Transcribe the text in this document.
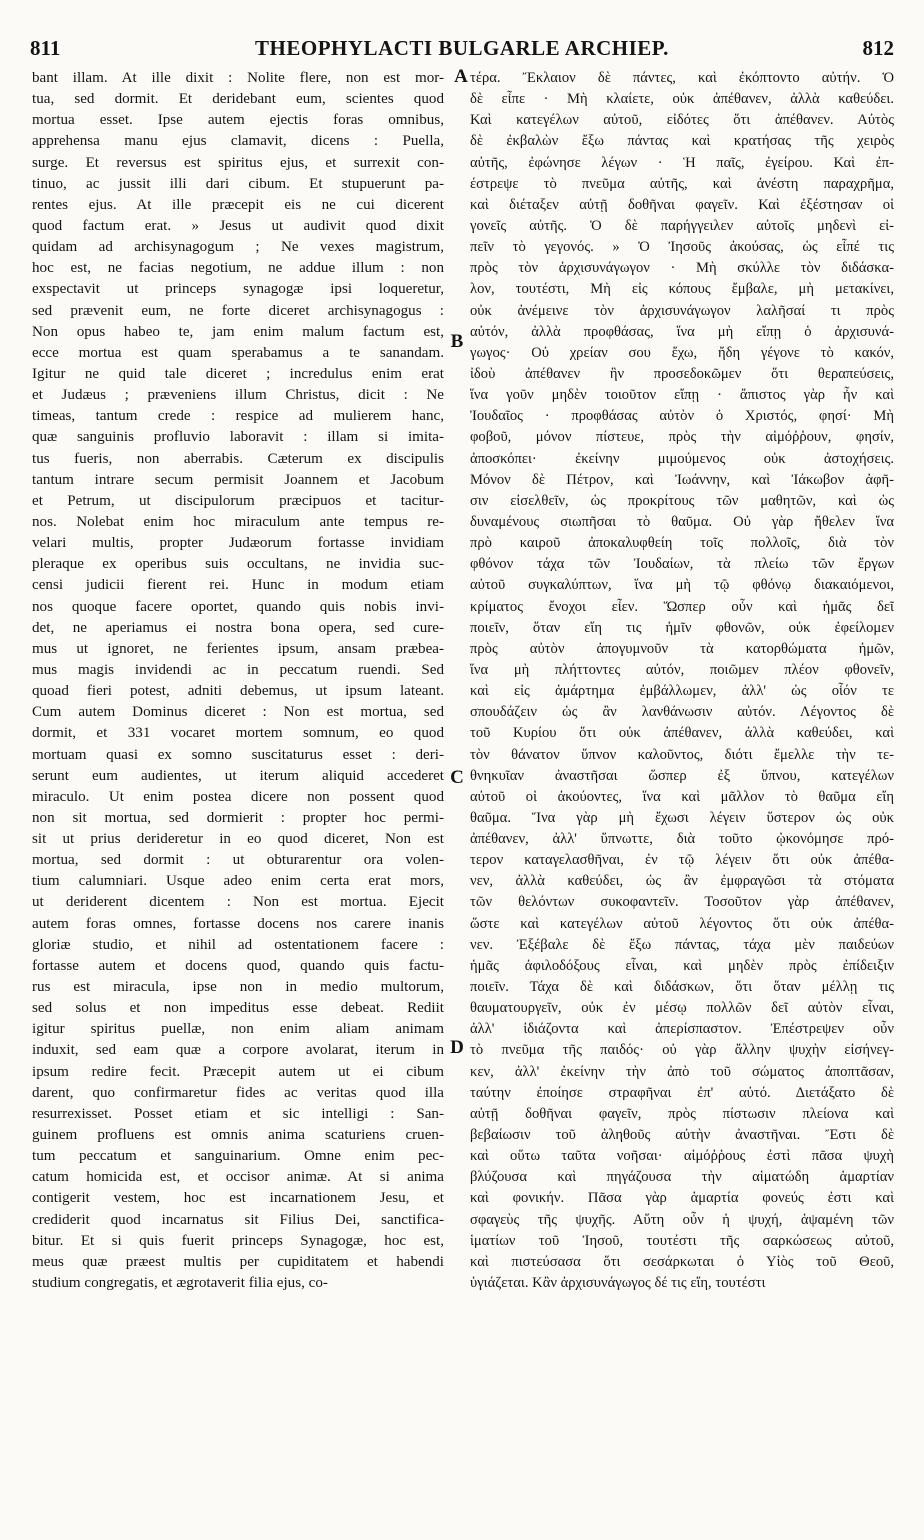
811	THEOPHYLACTI BULGARLE ARCHIEP.	812
bant illam. At ille dixit : Nolite flere, non est mor-
tua, sed dormit. Et deridebant eum, scientes quod
mortua esset. Ipse autem ejectis foras omnibus,
apprehensa manu ejus clamavit, dicens : Puella,
surge. Et reversus est spiritus ejus, et surrexit con-
tinuo, ac jussit illi dari cibum. Et stupuerunt pa-
rentes ejus. At ille præcepit eis ne cui dicerent
quod factum erat. » Jesus ut audivit quod dixit
quidam ad archisynagogum ; Ne vexes magistrum,
hoc est, ne facias negotium, ne addue illum : non
exspectavit ut princeps synagogæ ipsi loqueretur,
sed prævenit eum, ne forte diceret archisynagogus :
Non opus habeo te, jam enim malum factum est,
ecce mortua est quam sperabamus a te sanandam.
Igitur ne quid tale diceret ; incredulus enim erat
et Judæus ; præveniens illum Christus, dicit : Ne
timeas, tantum crede : respice ad mulierem hanc,
quæ sanguinis profluvio laboravit : illam si imita-
tus fueris, non aberrabis. Cæterum ex discipulis
tantum intrare secum permisit Joannem et Jacobum
et Petrum, ut discipulorum præcipuos et tacitur-
nos. Nolebat enim hoc miraculum ante tempus re-
velari multis, propter Judæorum fortasse invidiam
pleraque ex operibus suis occultans, ne invidia suc-
censi judicii fierent rei. Hunc in modum etiam
nos quoque facere oportet, quando quis nobis invi-
det, ne aperiamus ei nostra bona opera, sed cure-
mus ut ignoret, ne ferientes ipsum, ansam præbea-
mus magis invidendi ac in peccatum ruendi. Sed
quoad fieri potest, adniti debemus, ut ipsum lateant.
Cum autem Dominus diceret : Non est mortua, sed
dormit, et 331 vocaret mortem somnum, eo quod
mortuam quasi ex somno suscitaturus esset : deri-
serunt eum audientes, ut iterum aliquid accederet
miraculo. Ut enim postea dicere non possent quod
non sit mortua, sed dormierit : propter hoc permi-
sit ut prius derideretur in eo quod diceret, Non est
mortua, sed dormit : ut obturarentur ora volen-
tium calumniari. Usque adeo enim certa erat mors,
ut deriderent dicentem : Non est mortua. Ejecit
autem foras omnes, fortasse docens nos carere inanis
gloriæ studio, et nihil ad ostentationem facere :
fortasse autem et docens quod, quando quis factu-
rus est miracula, ipse non in medio multorum,
sed solus et non impeditus esse debeat. Rediit
igitur spiritus puellæ, non enim aliam animam
induxit, sed eam quæ a corpore avolarat, iterum in
ipsum redire fecit. Præcepit autem ut ei cibum
darent, quo confirmaretur fides ac veritas quod illa
resurrexisset. Posset etiam et sic intelligi : San-
guinem profluens est omnis anima scaturiens cruen-
tum peccatum et sanguinarium. Omne enim pec-
catum homicida est, et occisor animæ. At si anima
contigerit vestem, hoc est incarnationem Jesu, et
crediderit quod incarnatus sit Filius Dei, sanctifica-
bitur. Et si quis fuerit princeps Synagogæ, hoc est,
meus quæ præest multis per cupiditatem et habendi
studium congregatis, et ægrotaverit filia ejus, co-
τέρα. Ἔκλαιον δὲ πάντες, καὶ ἐκόπτοντο αὐτήν. Ὁ
δὲ εἶπε · Μὴ κλαίετε, οὐκ ἀπέθανεν, ἀλλὰ καθεύδει.
Καὶ κατεγέλων αὐτοῦ, εἰδότες ὅτι ἀπέθανεν. Αὐτὸς
δὲ ἐκβαλὼν ἔξω πάντας καὶ κρατήσας τῆς χειρὸς
αὐτῆς, ἐφώνησε λέγων · Ἡ παῖς, ἐγείρου. Καὶ ἐπ-
έστρεψε τὸ πνεῦμα αὐτῆς, καὶ ἀνέστη παραχρῆμα,
καὶ διέταξεν αὐτῇ δοθῆναι φαγεῖν. Καὶ ἐξέστησαν οἱ
γονεῖς αὐτῆς. Ὁ δὲ παρήγγειλεν αὐτοῖς μηδενὶ εἰ-
πεῖν τὸ γεγονός. » Ὁ Ἰησοῦς ἀκούσας, ὡς εἶπέ τις
πρὸς τὸν ἀρχισυνάγωγον · Μὴ σκύλλε τὸν διδάσκα-
λον, τουτέστι, Μὴ εἰς κόπους ἔμβαλε, μὴ μετακίνει,
οὐκ ἀνέμεινε τὸν ἀρχισυνάγωγον λαλῆσαί τι πρὸς
αὐτόν, ἀλλὰ προφθάσας, ἵνα μὴ εἴπῃ ὁ ἀρχισυνά-
γωγος· Οὐ χρείαν σου ἔχω, ἤδη γέγονε τὸ κακόν,
ἰδοὺ ἀπέθανεν ἣν προσεδοκῶμεν ὅτι θεραπεύσεις,
ἵνα γοῦν μηδὲν τοιοῦτον εἴπῃ · ἄπιστος γὰρ ἦν καὶ
Ἰουδαῖος · προφθάσας αὐτὸν ὁ Χριστός, φησί· Μὴ
φοβοῦ, μόνον πίστευε, πρὸς τὴν αἱμόῤῥουν, φησίν,
ἀποσκόπει· ἐκείνην μιμούμενος οὐκ ἀστοχήσεις.
Μόνον δὲ Πέτρον, καὶ Ἰωάννην, καὶ Ἰάκωβον ἀφῆ-
σιν εἰσελθεῖν, ὡς προκρίτους τῶν μαθητῶν, καὶ ὡς
δυναμένους σιωπῆσαι τὸ θαῦμα. Οὐ γὰρ ἤθελεν ἵνα
πρὸ καιροῦ ἀποκαλυφθείη τοῖς πολλοῖς, διὰ τὸν
φθόνον τάχα τῶν Ἰουδαίων, τὰ πλείω τῶν ἔργων
αὐτοῦ συγκαλύπτων, ἵνα μὴ τῷ φθόνῳ διακαιόμενοι,
κρίματος ἔνοχοι εἶεν. Ὥσπερ οὖν καὶ ἡμᾶς δεῖ
ποιεῖν, ὅταν εἴη τις ἡμῖν φθονῶν, οὐκ ἐφείλομεν
πρὸς αὐτὸν ἀπογυμνοῦν τὰ κατορθώματα ἡμῶν,
ἵνα μὴ πλήττοντες αὐτόν, ποιῶμεν πλέον φθονεῖν,
καὶ εἰς ἁμάρτημα ἐμβάλλωμεν, ἀλλ' ὡς οἷόν τε
σπουδάζειν ὡς ἂν λανθάνωσιν αὐτόν. Λέγοντος δὲ
τοῦ Κυρίου ὅτι οὐκ ἀπέθανεν, ἀλλὰ καθεύδει, καὶ
τὸν θάνατον ὕπνον καλοῦντος, διότι ἔμελλε τὴν τε-
θνηκυῖαν ἀναστῆσαι ὥσπερ ἐξ ὕπνου, κατεγέλων
αὐτοῦ οἱ ἀκούοντες, ἵνα καὶ μᾶλλον τὸ θαῦμα εἴη
θαῦμα. Ἵνα γὰρ μὴ ἔχωσι λέγειν ὕστερον ὡς οὐκ
ἀπέθανεν, ἀλλ' ὕπνωττε, διὰ τοῦτο ᾠκονόμησε πρό-
τερον καταγελασθῆναι, ἐν τῷ λέγειν ὅτι οὐκ ἀπέθα-
νεν, ἀλλὰ καθεύδει, ὡς ἂν ἐμφραγῶσι τὰ στόματα
τῶν θελόντων συκοφαντεῖν. Τοσοῦτον γὰρ ἀπέθανεν,
ὥστε καὶ κατεγέλων αὐτοῦ λέγοντος ὅτι οὐκ ἀπέθα-
νεν. Ἐξέβαλε δὲ ἔξω πάντας, τάχα μὲν παιδεύων
ἡμᾶς ἀφιλοδόξους εἶναι, καὶ μηδὲν πρὸς ἐπίδειξιν
ποιεῖν. Τάχα δὲ καὶ διδάσκων, ὅτι ὅταν μέλλῃ τις
θαυματουργεῖν, οὐκ ἐν μέσῳ πολλῶν δεῖ αὐτὸν εἶναι,
ἀλλ' ἰδιάζοντα καὶ ἀπερίσπαστον. Ἐπέστρεψεν οὖν
τὸ πνεῦμα τῆς παιδός· οὐ γὰρ ἄλλην ψυχὴν εἰσήνεγ-
κεν, ἀλλ' ἐκείνην τὴν ἀπὸ τοῦ σώματος ἀποπτᾶσαν,
ταύτην ἐποίησε στραφῆναι ἐπ' αὐτό. Διετάξατο δὲ
αὐτῇ δοθῆναι φαγεῖν, πρὸς πίστωσιν πλείονα καὶ
βεβαίωσιν τοῦ ἀληθοῦς αὐτὴν ἀναστῆναι. Ἔστι δὲ
καὶ οὕτω ταῦτα νοῆσαι· αἱμόῤῥους ἐστὶ πᾶσα ψυχὴ
βλύζουσα καὶ πηγάζουσα τὴν αἱματώδη ἁμαρτίαν
καὶ φονικήν. Πᾶσα γὰρ ἁμαρτία φονεύς ἐστι καὶ
σφαγεὺς τῆς ψυχῆς. Αὕτη οὖν ἡ ψυχή, ἁψαμένη τῶν
ἱματίων τοῦ Ἰησοῦ, τουτέστι τῆς σαρκώσεως αὐτοῦ,
καὶ πιστεύσασα ὅτι σεσάρκωται ὁ Υἱὸς τοῦ Θεοῦ,
ὑγιάζεται. Κἂν ἀρχισυνάγωγος δέ τις εἴη, τουτέστι
A
B
C
D
